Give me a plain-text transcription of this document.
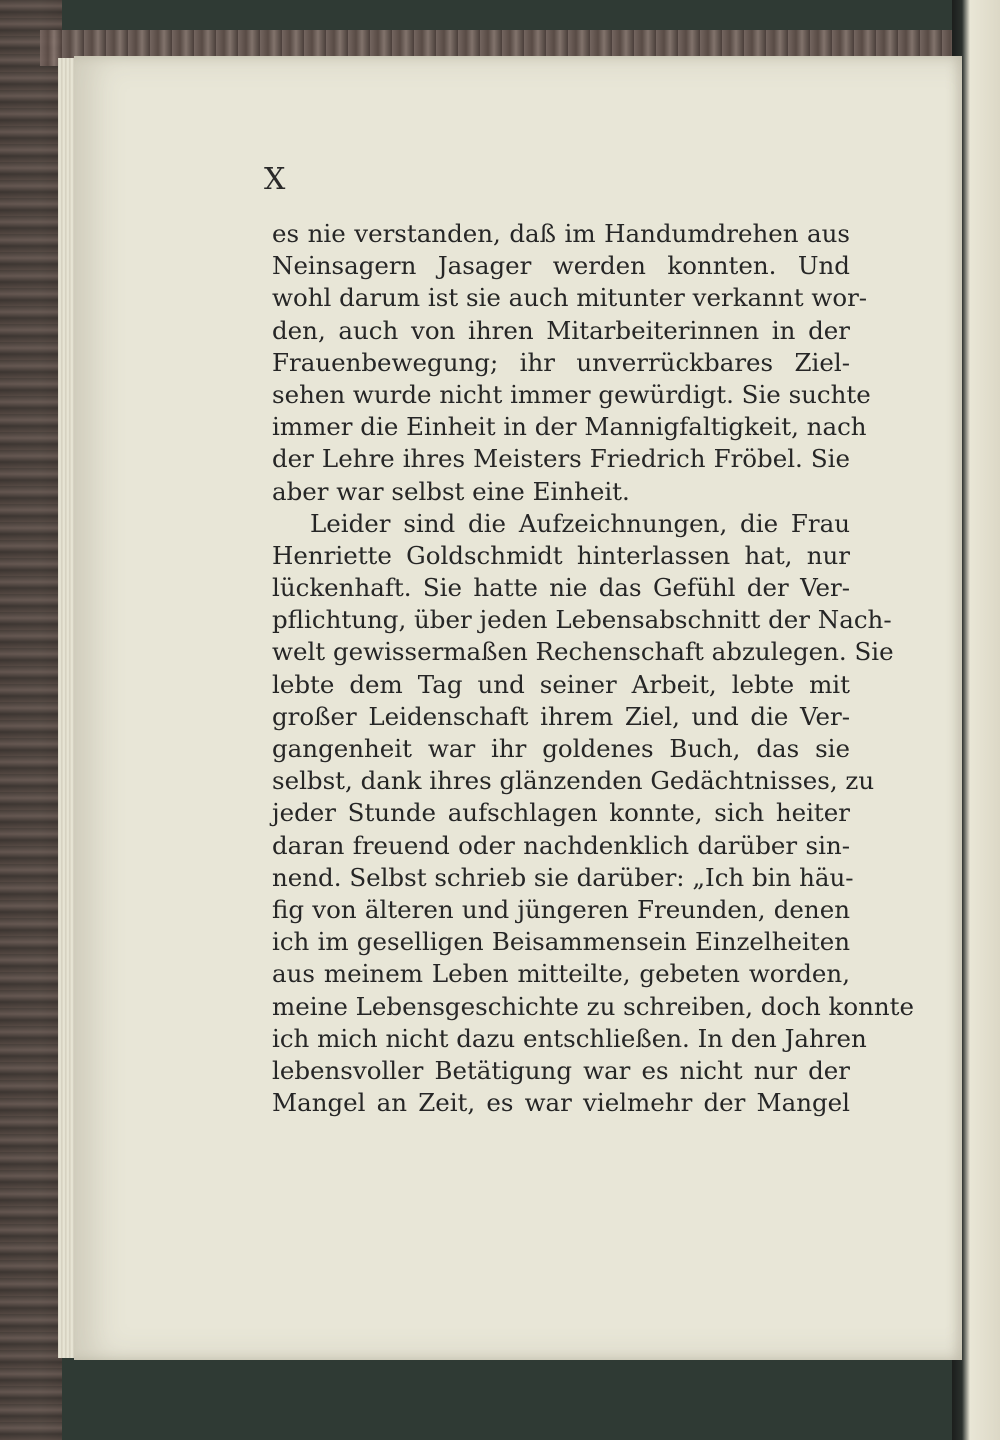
X
es nie verstanden, daß im Handumdrehen aus
Neinsagern Jasager werden konnten. Und
wohl darum ist sie auch mitunter verkannt wor-
den, auch von ihren Mitarbeiterinnen in der
Frauenbewegung; ihr unverrückbares Ziel-
sehen wurde nicht immer gewürdigt. Sie suchte
immer die Einheit in der Mannigfaltigkeit, nach
der Lehre ihres Meisters Friedrich Fröbel. Sie
aber war selbst eine Einheit.
Leider sind die Aufzeichnungen, die Frau
Henriette Goldschmidt hinterlassen hat, nur
lückenhaft. Sie hatte nie das Gefühl der Ver-
pflichtung, über jeden Lebensabschnitt der Nach-
welt gewissermaßen Rechenschaft abzulegen. Sie
lebte dem Tag und seiner Arbeit, lebte mit
großer Leidenschaft ihrem Ziel, und die Ver-
gangenheit war ihr goldenes Buch, das sie
selbst, dank ihres glänzenden Gedächtnisses, zu
jeder Stunde aufschlagen konnte, sich heiter
daran freuend oder nachdenklich darüber sin-
nend. Selbst schrieb sie darüber: „Ich bin häu-
fig von älteren und jüngeren Freunden, denen
ich im geselligen Beisammensein Einzelheiten
aus meinem Leben mitteilte, gebeten worden,
meine Lebensgeschichte zu schreiben, doch konnte
ich mich nicht dazu entschließen. In den Jahren
lebensvoller Betätigung war es nicht nur der
Mangel an Zeit, es war vielmehr der Mangel
